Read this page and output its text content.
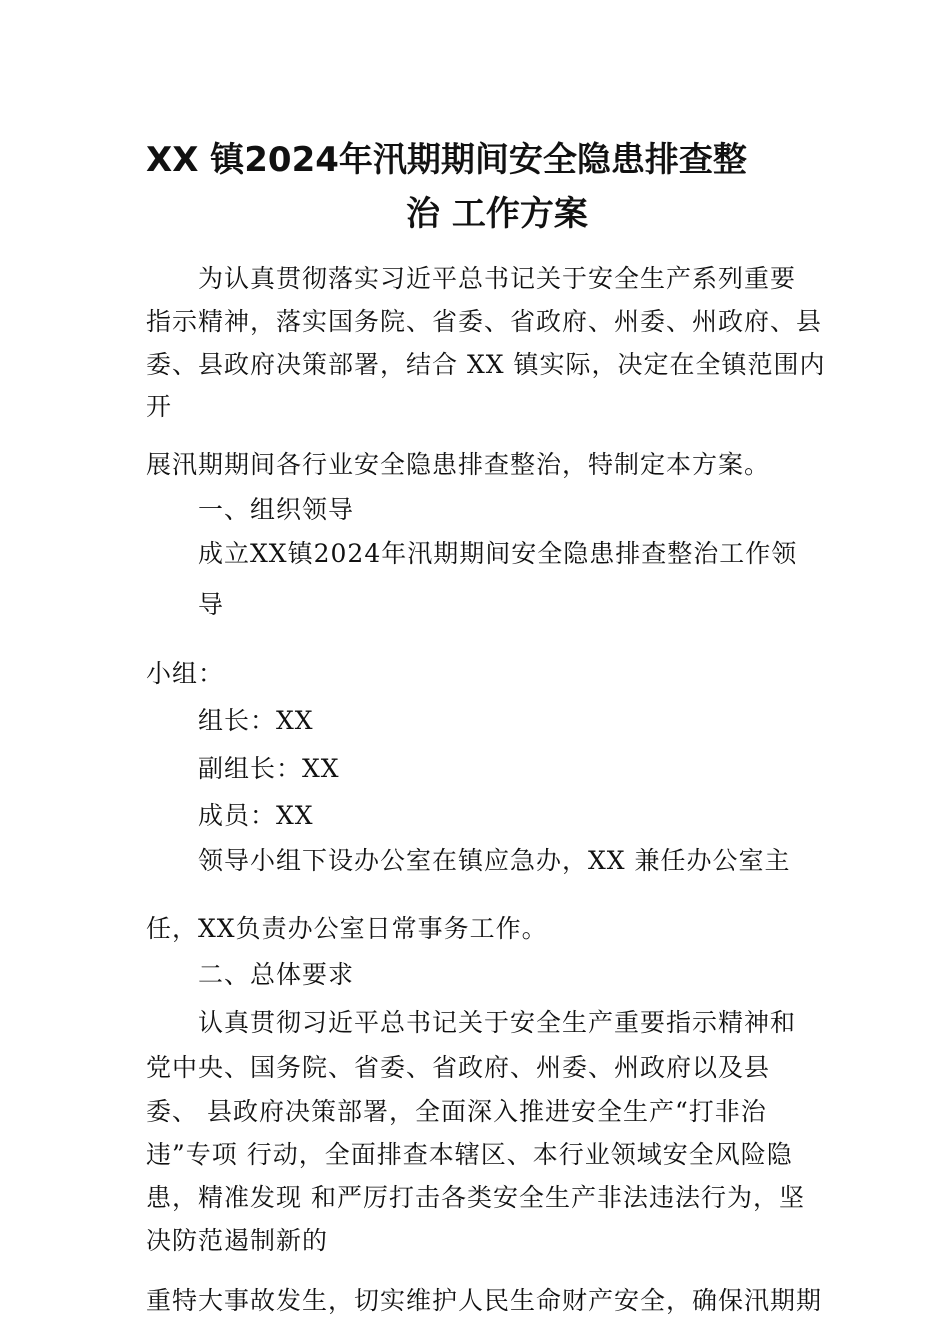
XX 镇2024年汛期期间安全隐患排查整
治 工作方案
为认真贯彻落实习近平总书记关于安全生产系列重要
指示精神，落实国务院、省委、省政府、州委、州政府、县
委、县政府决策部署，结合 XX 镇实际，决定在全镇范围内
开
展汛期期间各行业安全隐患排查整治，特制定本方案。
一、组织领导
成立XX镇2024年汛期期间安全隐患排查整治工作领
导
小组：
组长：XX
副组长：XX
成员：XX
领导小组下设办公室在镇应急办，XX 兼任办公室主
任，XX负责办公室日常事务工作。
二、总体要求
认真贯彻习近平总书记关于安全生产重要指示精神和
党中央、国务院、省委、省政府、州委、州政府以及县
委、 县政府决策部署，全面深入推进安全生产“打非治
违”专项 行动，全面排查本辖区、本行业领域安全风险隐
患，精准发现 和严厉打击各类安全生产非法违法行为，坚
决防范遏制新的
重特大事故发生，切实维护人民生命财产安全，确保汛期期
